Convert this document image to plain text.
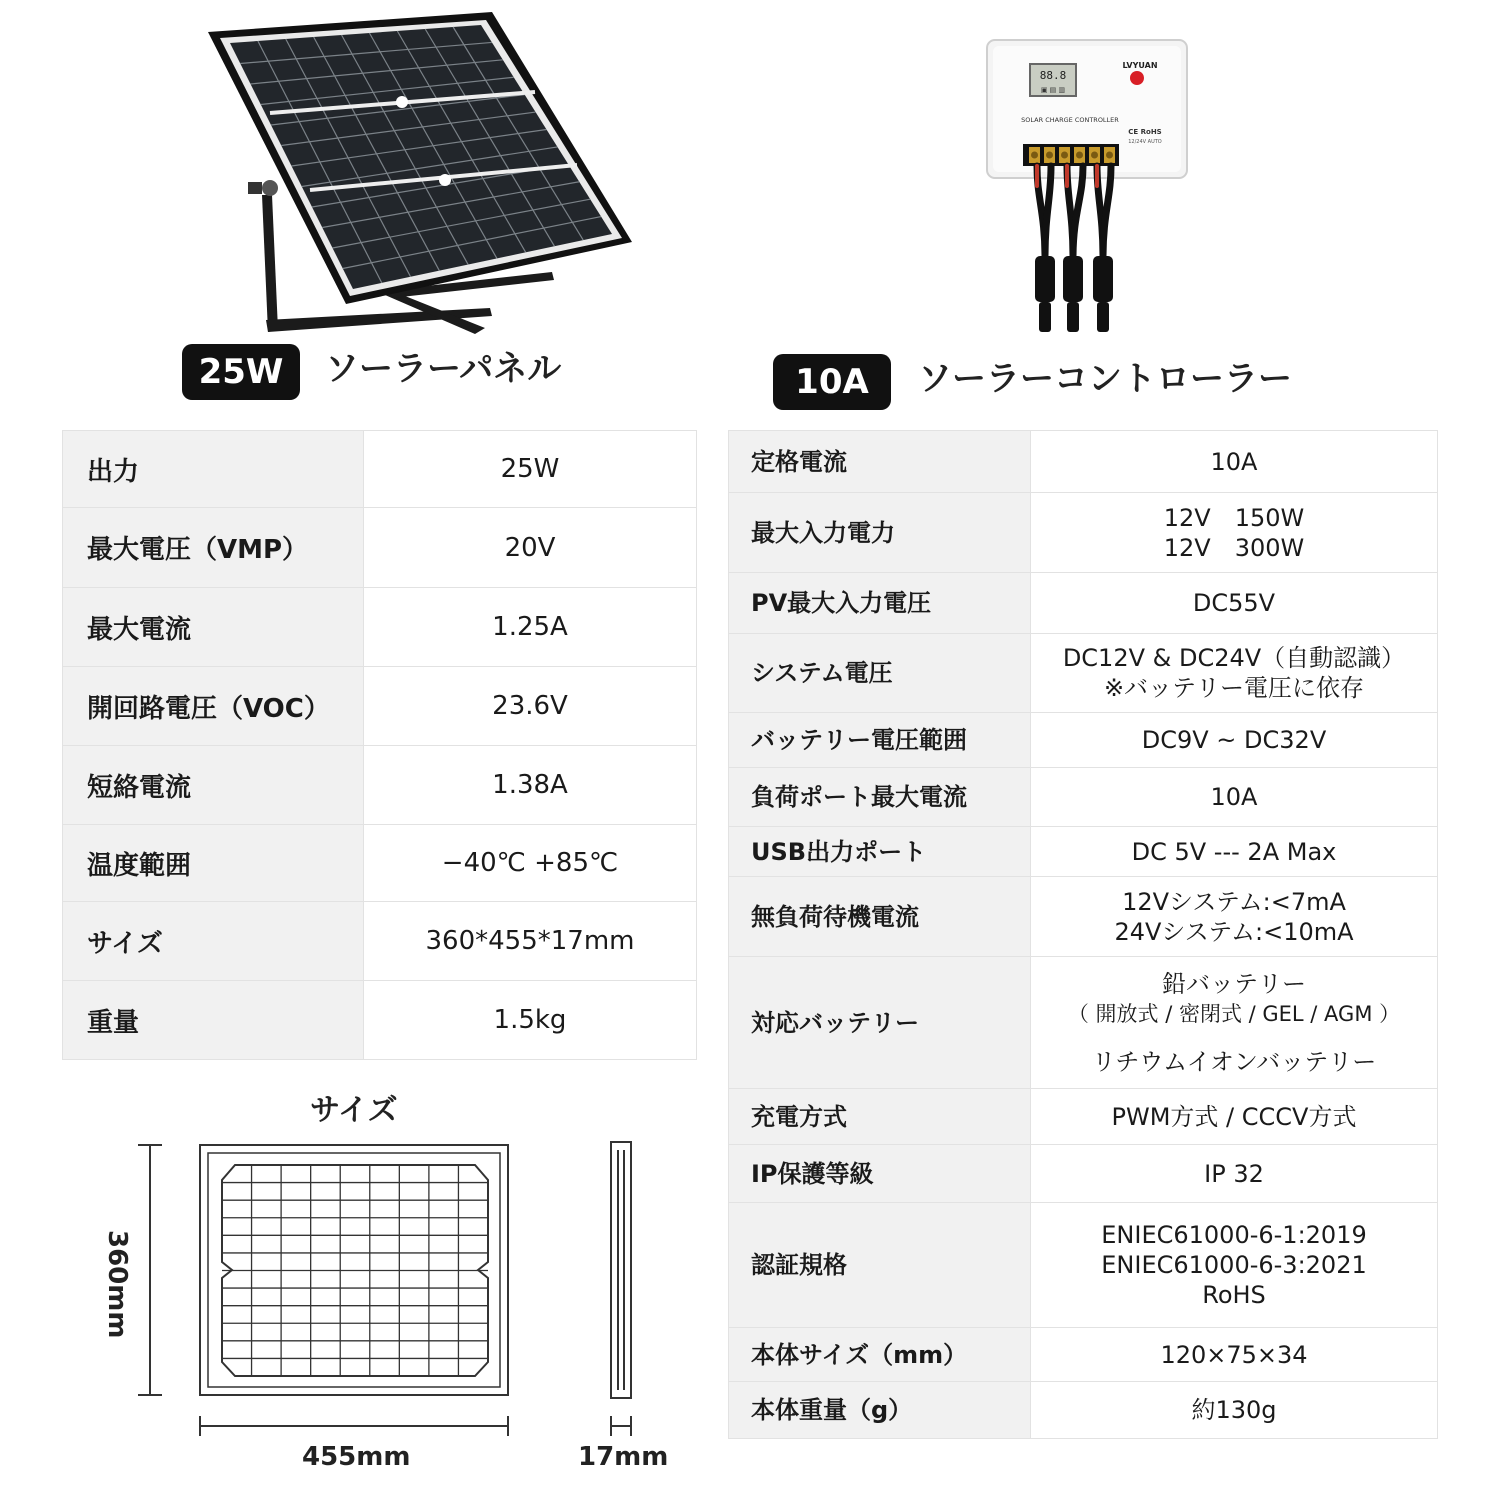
88.8
▣ ▤ ▥
LVYUAN
SOLAR CHARGE CONTROLLER
CE RoHS
12/24V AUTO
25W	ソーラーパネル	10A	ソーラーコントローラー
出力	25W
最大電圧（VMP）	20V
最大電流	1.25A
開回路電圧（VOC）	23.6V
短絡電流	1.38A
温度範囲	−40℃ +85℃
サイズ	360*455*17mm
重量	1.5kg
定格電流	10A

最大入力電力	12V　150W
12V　300W

PV最大入力電圧	DC55V

システム電圧	DC12V & DC24V（自動認識）
※バッテリー電圧に依存

バッテリー電圧範囲	DC9V ~ DC32V

負荷ポート最大電流	10A

USB出力ポート	DC 5V --- 2A Max

無負荷待機電流	12Vシステム:<7mA
24Vシステム:<10mA

対応バッテリー	鉛バッテリー
（ 開放式 / 密閉式 / GEL / AGM ）
リチウムイオンバッテリー

充電方式	PWM方式 / CCCV方式

IP保護等級	IP 32

認証規格	ENIEC61000-6-1:2019
ENIEC61000-6-3:2021
RoHS

本体サイズ（mm）	120×75×34

本体重量（g）	約130g
サイズ
360mm
455mm	17mm
